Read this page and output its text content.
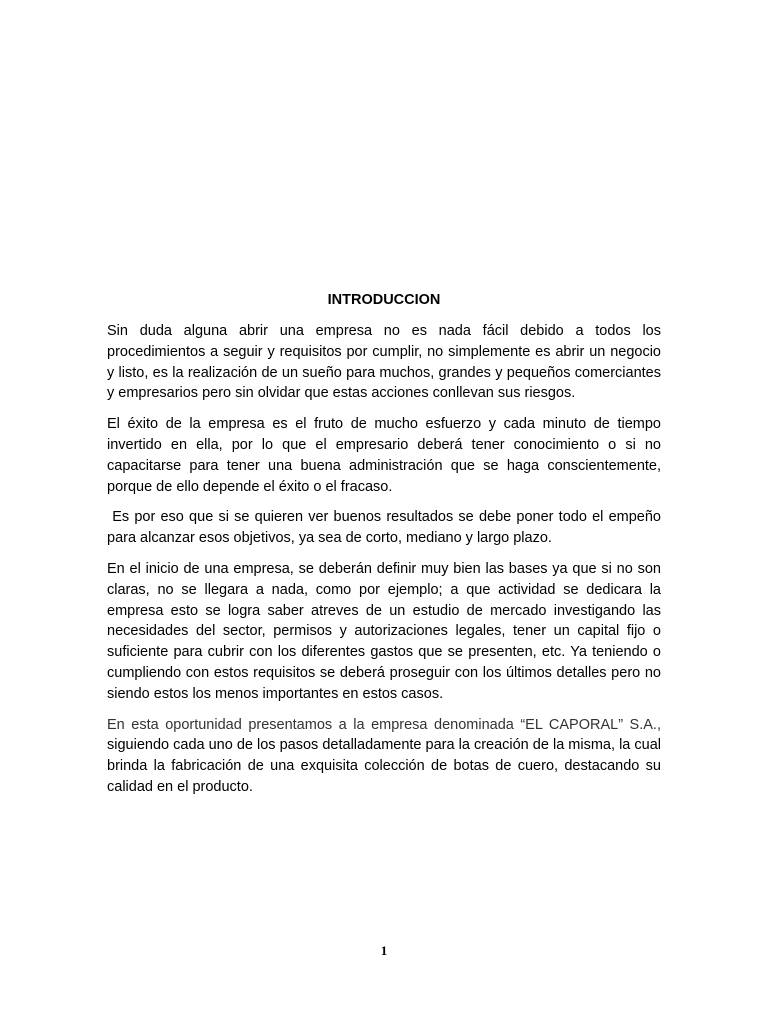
INTRODUCCION

Sin duda alguna abrir una empresa no es nada fácil debido a todos los procedimientos a seguir y requisitos por cumplir, no simplemente es abrir un negocio y listo, es la realización de un sueño para muchos, grandes y pequeños comerciantes y empresarios pero sin olvidar que estas acciones conllevan sus riesgos.

El éxito de la empresa es el fruto de mucho esfuerzo y cada minuto de tiempo invertido en ella, por lo que el empresario deberá tener conocimiento o si no capacitarse para tener una buena administración que se haga conscientemente, porque de ello depende el éxito o el fracaso.

Es por eso que si se quieren ver buenos resultados se debe poner todo el empeño para alcanzar esos objetivos, ya sea de corto, mediano y largo plazo.

En el inicio de una empresa, se deberán definir muy bien las bases ya que si no son claras, no se llegara a nada, como por ejemplo; a que actividad se dedicara la empresa esto se logra saber atreves de un estudio de mercado investigando las necesidades del sector, permisos y autorizaciones legales, tener un capital fijo o suficiente para cubrir con los diferentes gastos que se presenten, etc. Ya teniendo o cumpliendo con estos requisitos se deberá proseguir con los últimos detalles pero no siendo estos los menos importantes en estos casos.

En esta oportunidad presentamos a la empresa denominada “EL CAPORAL” S.A., siguiendo cada uno de los pasos detalladamente para la creación de la misma, la cual brinda la fabricación de una exquisita colección de botas de cuero, destacando su calidad en el producto.

1
